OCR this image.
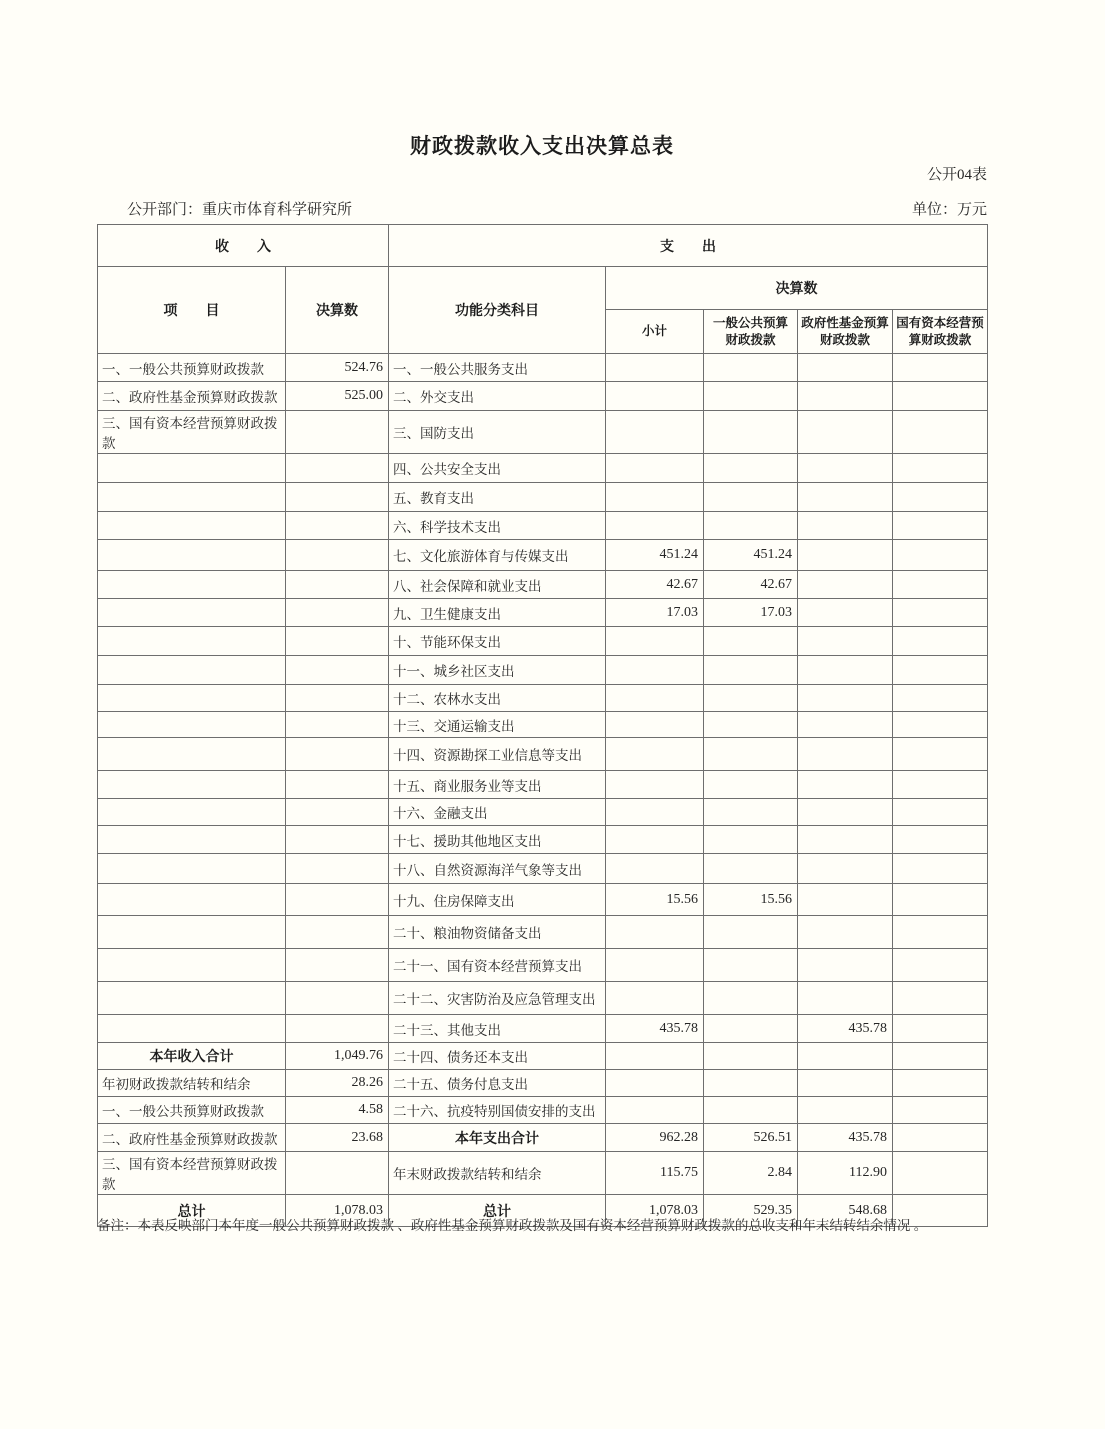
财政拨款收入支出决算总表
公开04表
公开部门：重庆市体育科学研究所	单位：万元
收　　入		支　　出				
项　　目	决算数	功能分类科目	决算数			
			小计	一般公共预算财政拨款	政府性基金预算财政拨款	国有资本经营预算财政拨款
一、一般公共预算财政拨款	524.76	一、一般公共服务支出				
二、政府性基金预算财政拨款	525.00	二、外交支出				
三、国有资本经营预算财政拨款		三、国防支出				
		四、公共安全支出				
		五、教育支出				
		六、科学技术支出				
		七、文化旅游体育与传媒支出	451.24	451.24		
		八、社会保障和就业支出	42.67	42.67		
		九、卫生健康支出	17.03	17.03		
		十、节能环保支出				
		十一、城乡社区支出				
		十二、农林水支出				
		十三、交通运输支出				
		十四、资源勘探工业信息等支出				
		十五、商业服务业等支出				
		十六、金融支出				
		十七、援助其他地区支出				
		十八、自然资源海洋气象等支出				
		十九、住房保障支出	15.56	15.56		
		二十、粮油物资储备支出				
		二十一、国有资本经营预算支出				
		二十二、灾害防治及应急管理支出				
		二十三、其他支出	435.78		435.78	
本年收入合计	1,049.76	二十四、债务还本支出				
年初财政拨款结转和结余	28.26	二十五、债务付息支出				
一、一般公共预算财政拨款	4.58	二十六、抗疫特别国债安排的支出				
二、政府性基金预算财政拨款	23.68	本年支出合计	962.28	526.51	435.78	
三、国有资本经营预算财政拨款		年末财政拨款结转和结余	115.75	2.84	112.90	
总计	1,078.03	总计	1,078.03	529.35	548.68	
备注：本表反映部门本年度一般公共预算财政拨款 、政府性基金预算财政拨款及国有资本经营预算财政拨款的总收支和年末结转结余情况 。
